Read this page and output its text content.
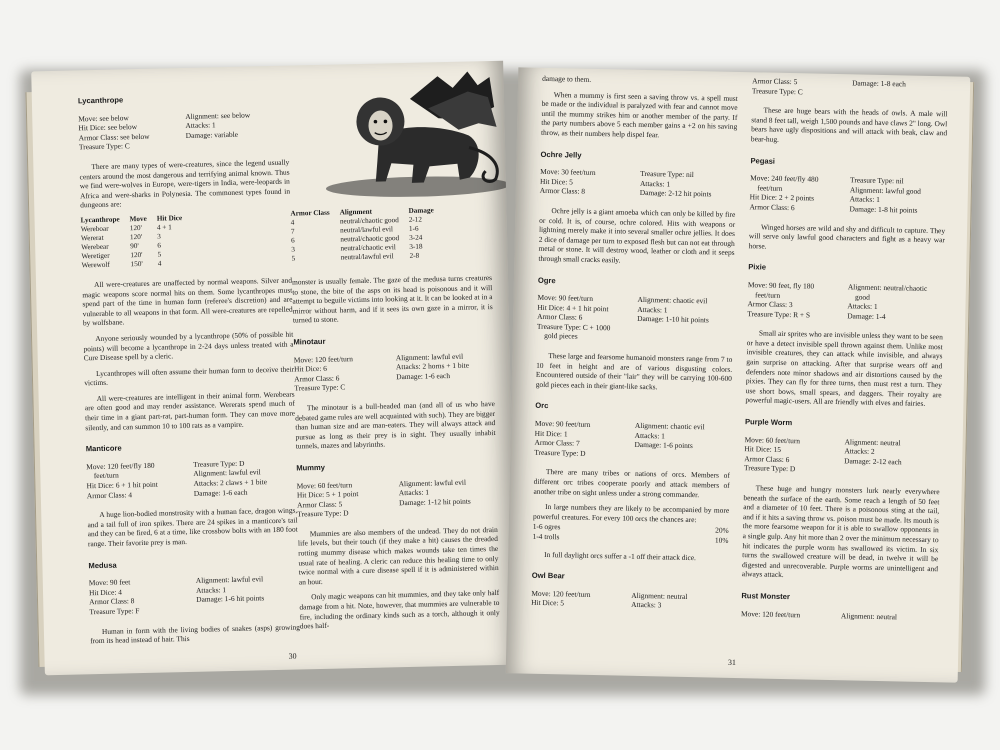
Lycanthrope
Move: see below
Hit Dice: see below
Armor Class: see below
Treasure Type: C
Alignment: see below
Attacks: 1
Damage: variable

There are many types of were-creatures, since the legend usually centers around the most dangerous and terrifying animal known. Thus we find were-wolves in Europe, were-tigers in India, were-leopards in Africa and were-sharks in Polynesia. The commonest types found in dungeons are:

Lycanthrope	Move	Hit Dice
Wereboar	120'	4 + 1
Wererat	120'	3
Werebear	90'	6
Weretiger	120'	5
Werewolf	150'	4

All were-creatures are unaffected by normal weapons. Silver and magic weapons score normal hits on them. Some lycanthropes must spend part of the time in human form (referee's discretion) and are vulnerable to all weapons in that form. All were-creatures are repelled by wolfsbane.

Anyone seriously wounded by a lycanthrope (50% of possible hit points) will become a lycanthrope in 2-24 days unless treated with a Cure Disease spell by a cleric.

Lycanthropes will often assume their human form to deceive their victims.

All were-creatures are intelligent in their animal form. Werebears are often good and may render assistance. Wererats spend much of their time in a giant part-rat, part-human form. They can move more silently, and can summon 10 to 100 rats as a vampire.

Manticore
Move: 120 feet/fly 180
feet/turn
Hit Dice: 6 + 1 hit point
Armor Class: 4
Treasure Type: D
Alignment: lawful evil
Attacks: 2 claws + 1 bite
Damage: 1-6 each

A huge lion-bodied monstrosity with a human face, dragon wings, and a tail full of iron spikes. There are 24 spikes in a manticore's tail and they can be fired, 6 at a time, like crossbow bolts with an 180 foot range. Their favorite prey is man.

Medusa
Move: 90 feet
Hit Dice: 4
Armor Class: 8
Treasure Type: F
Alignment: lawful evil
Attacks: 1
Damage: 1-6 hit points

Human in form with the living bodies of snakes (asps) growing from its head instead of hair. This

Armor Class	Alignment	Damage
4	neutral/chaotic good	2-12
7	neutral/lawful evil	1-6
6	neutral/chaotic good	3-24
3	neutral/chaotic evil	3-18
5	neutral/lawful evil	2-8

monster is usually female. The gaze of the medusa turns creatures to stone, the bite of the asps on its head is poisonous and it will attempt to beguile victims into looking at it. It can be looked at in a mirror without harm, and if it sees its own gaze in a mirror, it is turned to stone.

Minotaur
Move: 120 feet/turn
Hit Dice: 6
Armor Class: 6
Treasure Type: C
Alignment: lawful evil
Attacks: 2 horns + 1 bite
Damage: 1-6 each

The minotaur is a bull-headed man (and all of us who have debated game rules are well acquainted with such). They are bigger than human size and are man-eaters. They will always attack and pursue as long as their prey is in sight. They usually inhabit tunnels, mazes and labyrinths.

Mummy
Move: 60 feet/turn
Hit Dice: 5 + 1 point
Armor Class: 5
Treasure Type: D
Alignment: lawful evil
Attacks: 1
Damage: 1-12 hit points

Mummies are also members of the undead. They do not drain life levels, but their touch (if they make a hit) causes the dreaded rotting mummy disease which makes wounds take ten times the usual rate of healing. A cleric can reduce this healing time to only twice normal with a cure disease spell if it is administered within an hour.

Only magic weapons can hit mummies, and they take only half damage from a hit. Note, however, that mummies are vulnerable to fire, including the ordinary kinds such as a torch, although it only does half-

30

damage to them.

When a mummy is first seen a saving throw vs. a spell must be made or the individual is paralyzed with fear and cannot move until the mummy strikes him or another member of the party. If the party numbers above 5 each member gains a +2 on his saving throw, as their numbers help dispel fear.

Ochre Jelly
Move: 30 feet/turn
Hit Dice: 5
Armor Class: 8
Treasure Type: nil
Attacks: 1
Damage: 2-12 hit points

Ochre jelly is a giant amoeba which can only be killed by fire or cold. It is, of course, ochre colored. Hits with weapons or lightning merely make it into several smaller ochre jellies. It does 2 dice of damage per turn to exposed flesh but can not eat through metal or stone. It will destroy wood, leather or cloth and it seeps through small cracks easily.

Ogre
Move: 90 feet/turn
Hit Dice: 4 + 1 hit point
Armor Class: 6
Treasure Type: C + 1000
gold pieces
Alignment: chaotic evil
Attacks: 1
Damage: 1-10 hit points

These large and fearsome humanoid monsters range from 7 to 10 feet in height and are of various disgusting colors. Encountered outside of their "lair" they will be carrying 100-600 gold pieces each in their giant-like sacks.

Orc
Move: 90 feet/turn
Hit Dice: 1
Armor Class: 7
Treasure Type: D
Alignment: chaotic evil
Attacks: 1
Damage: 1-6 points

There are many tribes or nations of orcs. Members of different orc tribes cooperate poorly and attack members of another tribe on sight unless under a strong commander.

In large numbers they are likely to be accompanied by more powerful creatures. For every 100 orcs the chances are:

1-6 ogres	20%
1-4 trolls	10%

In full daylight orcs suffer a -1 off their attack dice.

Owl Bear
Move: 120 feet/turn
Hit Dice: 5
Alignment: neutral
Attacks: 3
Armor Class: 5
Treasure Type: C
Damage: 1-8 each

These are huge bears with the heads of owls. A male will stand 8 feet tall, weigh 1,500 pounds and have claws 2" long. Owl bears have ugly dispositions and will attack with beak, claw and bear-hug.

Pegasi
Move: 240 feet/fly 480
feet/turn
Hit Dice: 2 + 2 points
Armor Class: 6
Treasure Type: nil
Alignment: lawful good
Attacks: 1
Damage: 1-8 hit points

Winged horses are wild and shy and difficult to capture. They will serve only lawful good characters and fight as a heavy war horse.

Pixie
Move: 90 feet, fly 180
feet/turn
Armor Class: 3
Treasure Type: R + S
Alignment: neutral/chaotic
good
Attacks: 1
Damage: 1-4

Small air sprites who are invisible unless they want to be seen or have a detect invisible spell thrown against them. Unlike most invisible creatures, they can attack while invisible, and always gain surprise on attacking. After that surprise wears off and defenders note minor shadows and air distortions caused by the pixies. They can fly for three turns, then must rest a turn. They use short bows, small spears, and daggers. Their royalty are powerful magic-users. All are friendly with elves and fairies.

Purple Worm
Move: 60 feet/turn
Hit Dice: 15
Armor Class: 6
Treasure Type: D
Alignment: neutral
Attacks: 2
Damage: 2-12 each

These huge and hungry monsters lurk nearly everywhere beneath the surface of the earth. Some reach a length of 50 feet and a diameter of 10 feet. There is a poisonous sting at the tail, and if it hits a saving throw vs. poison must be made. Its mouth is the more fearsome weapon for it is able to swallow opponents in a single gulp. Any hit more than 2 over the minimum necessary to hit indicates the purple worm has swallowed its victim. In six turns the swallowed creature will be dead, in twelve it will be digested and unrecoverable. Purple worms are unintelligent and always attack.

Rust Monster
Move: 120 feet/turn	Alignment: neutral
31
